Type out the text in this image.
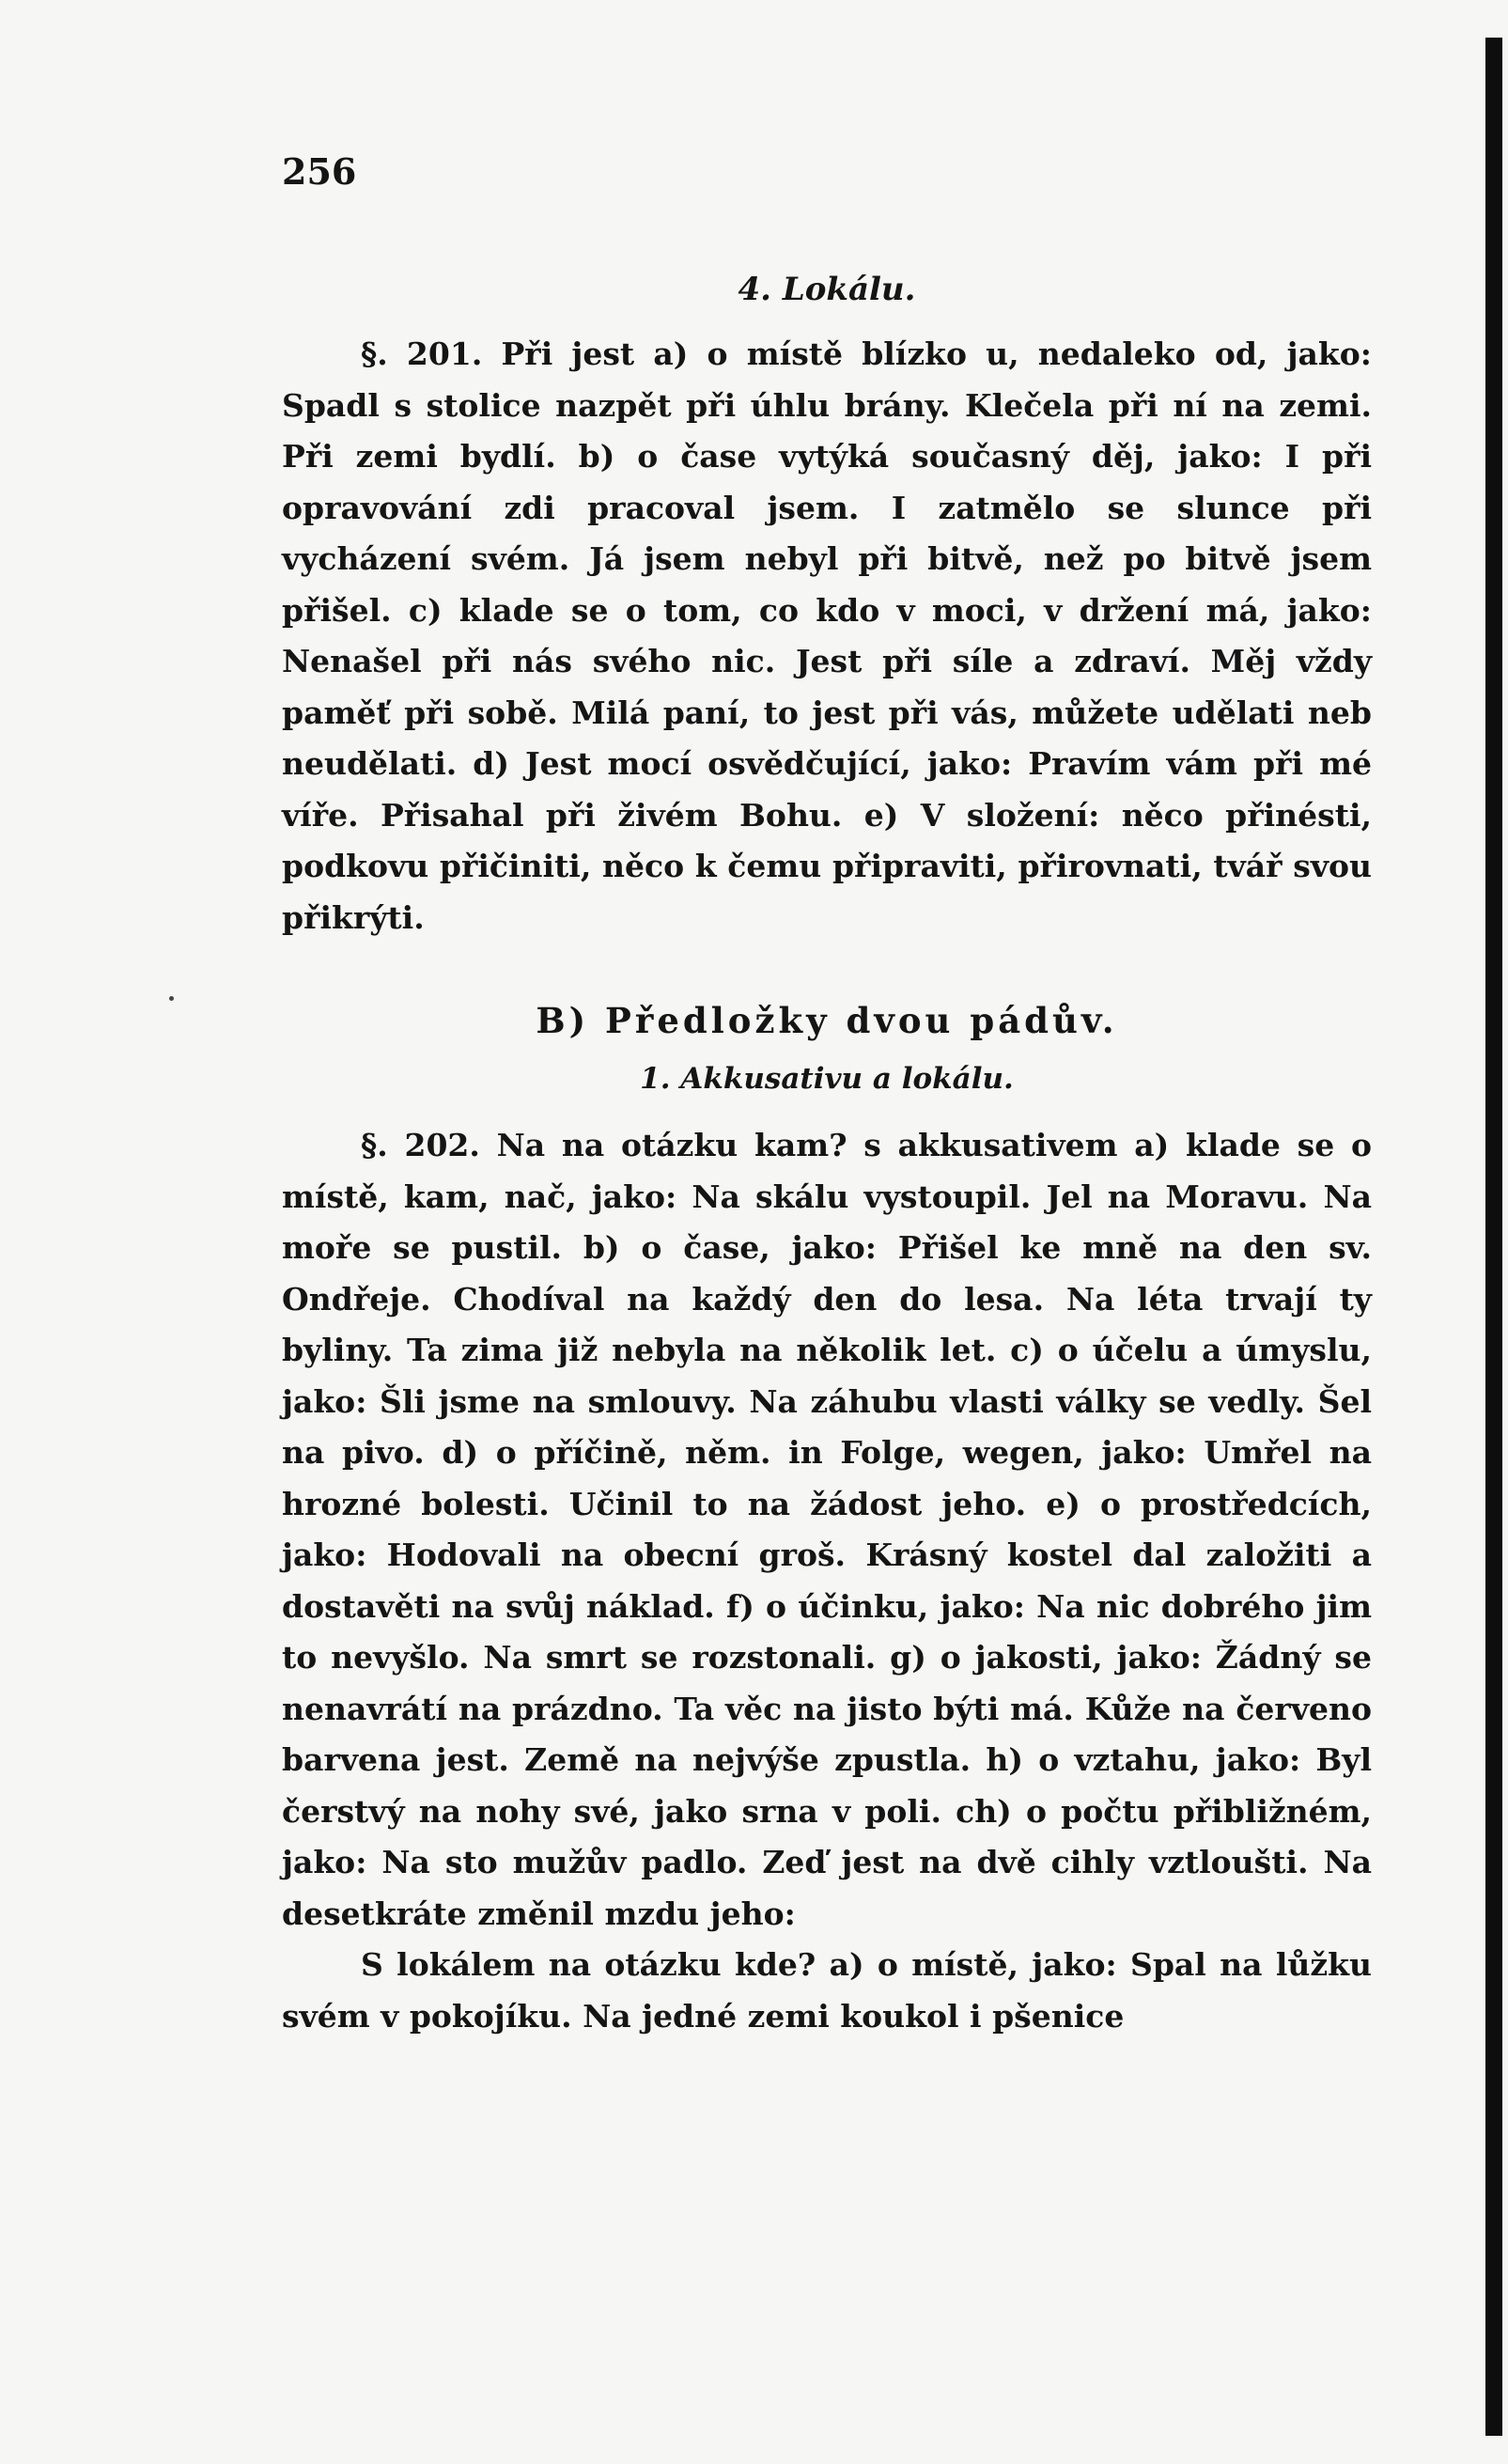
256
4. Lokálu.

§. 201. Při jest a) o místě blízko u, nedaleko od, jako: Spadl s stolice nazpět při úhlu brány. Klečela při ní na zemi. Při zemi bydlí. b) o čase vytýká současný děj, jako: I při opravování zdi pracoval jsem. I zatmělo se slunce při vycházení svém. Já jsem nebyl při bitvě, než po bitvě jsem přišel. c) klade se o tom, co kdo v moci, v držení má, jako: Nenašel při nás svého nic. Jest při síle a zdraví. Měj vždy paměť při sobě. Milá paní, to jest při vás, můžete udělati neb neudělati. d) Jest mocí osvědčující, jako: Pravím vám při mé víře. Přisahal při živém Bohu. e) V složení: něco přinésti, podkovu přičiniti, něco k čemu připraviti, přirovnati, tvář svou přikrýti.

B) Předložky dvou pádův.
1. Akkusativu a lokálu.

§. 202. Na na otázku kam? s akkusativem a) klade se o místě, kam, nač, jako: Na skálu vystoupil. Jel na Moravu. Na moře se pustil. b) o čase, jako: Přišel ke mně na den sv. Ondřeje. Chodíval na každý den do lesa. Na léta trvají ty byliny. Ta zima již nebyla na několik let. c) o účelu a úmyslu, jako: Šli jsme na smlouvy. Na záhubu vlasti války se vedly. Šel na pivo. d) o příčině, něm. in Folge, wegen, jako: Umřel na hrozné bolesti. Učinil to na žádost jeho. e) o prostředcích, jako: Hodovali na obecní groš. Krásný kostel dal založiti a dostavěti na svůj náklad. f) o účinku, jako: Na nic dobrého jim to nevyšlo. Na smrt se rozstonali. g) o jakosti, jako: Žádný se nenavrátí na prázdno. Ta věc na jisto býti má. Kůže na červeno barvena jest. Země na nejvýše zpustla. h) o vztahu, jako: Byl čerstvý na nohy své, jako srna v poli. ch) o počtu přibližném, jako: Na sto mužův padlo. Zeď jest na dvě cihly vztloušti. Na desetkráte změnil mzdu jeho:

S lokálem na otázku kde? a) o místě, jako: Spal na lůžku svém v pokojíku. Na jedné zemi koukol i pšenice
